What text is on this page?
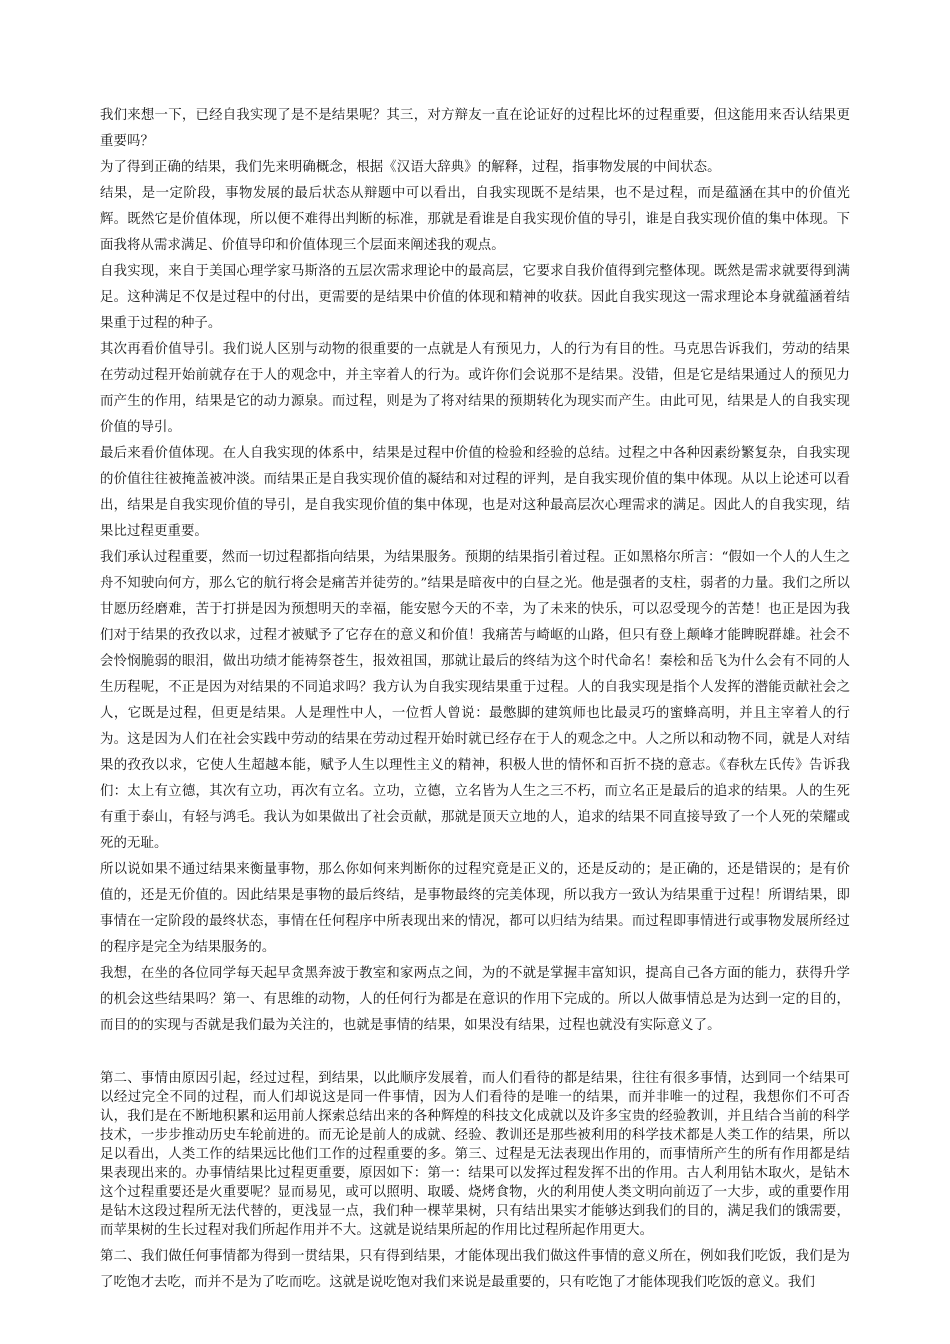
我们来想一下，已经自我实现了是不是结果呢？其三，对方辩友一直在论证好的过程比坏的过程重要，但这能用来否认结果更重要吗？

为了得到正确的结果，我们先来明确概念，根据《汉语大辞典》的解释，过程，指事物发展的中间状态。

结果，是一定阶段，事物发展的最后状态从辩题中可以看出，自我实现既不是结果，也不是过程，而是蕴涵在其中的价值光辉。既然它是价值体现，所以便不难得出判断的标准，那就是看谁是自我实现价值的导引，谁是自我实现价值的集中体现。下面我将从需求满足、价值导印和价值体现三个层面来阐述我的观点。

自我实现，来自于美国心理学家马斯洛的五层次需求理论中的最高层，它要求自我价值得到完整体现。既然是需求就要得到满足。这种满足不仅是过程中的付出，更需要的是结果中价值的体现和精神的收获。因此自我实现这一需求理论本身就蕴涵着结果重于过程的种子。

其次再看价值导引。我们说人区别与动物的很重要的一点就是人有预见力，人的行为有目的性。马克思告诉我们，劳动的结果在劳动过程开始前就存在于人的观念中，并主宰着人的行为。或许你们会说那不是结果。没错，但是它是结果通过人的预见力而产生的作用，结果是它的动力源泉。而过程，则是为了将对结果的预期转化为现实而产生。由此可见，结果是人的自我实现价值的导引。

最后来看价值体现。在人自我实现的体系中，结果是过程中价值的检验和经验的总结。过程之中各种因素纷繁复杂，自我实现的价值往往被掩盖被冲淡。而结果正是自我实现价值的凝结和对过程的评判，是自我实现价值的集中体现。从以上论述可以看出，结果是自我实现价值的导引，是自我实现价值的集中体现，也是对这种最高层次心理需求的满足。因此人的自我实现，结果比过程更重要。

我们承认过程重要，然而一切过程都指向结果，为结果服务。预期的结果指引着过程。正如黑格尔所言：“假如一个人的人生之舟不知驶向何方，那么它的航行将会是痛苦并徒劳的。”结果是暗夜中的白昼之光。他是强者的支柱，弱者的力量。我们之所以甘愿历经磨难，苦于打拼是因为预想明天的幸福，能安慰今天的不幸，为了未来的快乐，可以忍受现今的苦楚！也正是因为我们对于结果的孜孜以求，过程才被赋予了它存在的意义和价值！我痛苦与崎岖的山路，但只有登上颠峰才能睥睨群雄。社会不会怜悯脆弱的眼泪，做出功绩才能祷祭苍生，报效祖国，那就让最后的终结为这个时代命名！秦桧和岳飞为什么会有不同的人生历程呢，不正是因为对结果的不同追求吗？我方认为自我实现结果重于过程。人的自我实现是指个人发挥的潜能贡献社会之人，它既是过程，但更是结果。人是理性中人，一位哲人曾说：最憋脚的建筑师也比最灵巧的蜜蜂高明，并且主宰着人的行为。这是因为人们在社会实践中劳动的结果在劳动过程开始时就已经存在于人的观念之中。人之所以和动物不同，就是人对结果的孜孜以求，它使人生超越本能，赋予人生以理性主义的精神，积极人世的情怀和百折不挠的意志。《春秋左氏传》告诉我们：太上有立德，其次有立功，再次有立名。立功，立德，立名皆为人生之三不朽，而立名正是最后的追求的结果。人的生死有重于泰山，有轻与鸿毛。我认为如果做出了社会贡献，那就是顶天立地的人，追求的结果不同直接导致了一个人死的荣耀或死的无耻。

所以说如果不通过结果来衡量事物，那么你如何来判断你的过程究竟是正义的，还是反动的；是正确的，还是错误的；是有价值的，还是无价值的。因此结果是事物的最后终结，是事物最终的完美体现，所以我方一致认为结果重于过程！所谓结果，即事情在一定阶段的最终状态，事情在任何程序中所表现出来的情况，都可以归结为结果。而过程即事情进行或事物发展所经过的程序是完全为结果服务的。

我想，在坐的各位同学每天起早贪黑奔波于教室和家两点之间，为的不就是掌握丰富知识，提高自己各方面的能力，获得升学的机会这些结果吗？第一、有思维的动物，人的任何行为都是在意识的作用下完成的。所以人做事情总是为达到一定的目的，而目的的实现与否就是我们最为关注的，也就是事情的结果，如果没有结果，过程也就没有实际意义了。

第二、事情由原因引起，经过过程，到结果，以此顺序发展着，而人们看待的都是结果，往往有很多事情，达到同一个结果可以经过完全不同的过程，而人们却说这是同一件事情，因为人们看待的是唯一的结果，而并非唯一的过程，我想你们不可否认，我们是在不断地积累和运用前人探索总结出来的各种辉煌的科技文化成就以及许多宝贵的经验教训，并且结合当前的科学技术，一步步推动历史车轮前进的。而无论是前人的成就、经验、教训还是那些被利用的科学技术都是人类工作的结果，所以足以看出，人类工作的结果远比他们工作的过程重要的多。第三、过程是无法表现出作用的，而事情所产生的所有作用都是结果表现出来的。办事情结果比过程更重要，原因如下：第一：结果可以发挥过程发挥不出的作用。古人利用钻木取火，是钻木这个过程重要还是火重要呢？显而易见，或可以照明、取暖、烧烤食物，火的利用使人类文明向前迈了一大步，或的重要作用是钻木这段过程所无法代替的，更浅显一点，我们种一棵苹果树，只有结出果实才能够达到我们的目的，满足我们的饿需要，而苹果树的生长过程对我们所起作用并不大。这就是说结果所起的作用比过程所起作用更大。

第二、我们做任何事情都为得到一贯结果，只有得到结果，才能体现出我们做这件事情的意义所在，例如我们吃饭，我们是为了吃饱才去吃，而并不是为了吃而吃。这就是说吃饱对我们来说是最重要的，只有吃饱了才能体现我们吃饭的意义。我们
